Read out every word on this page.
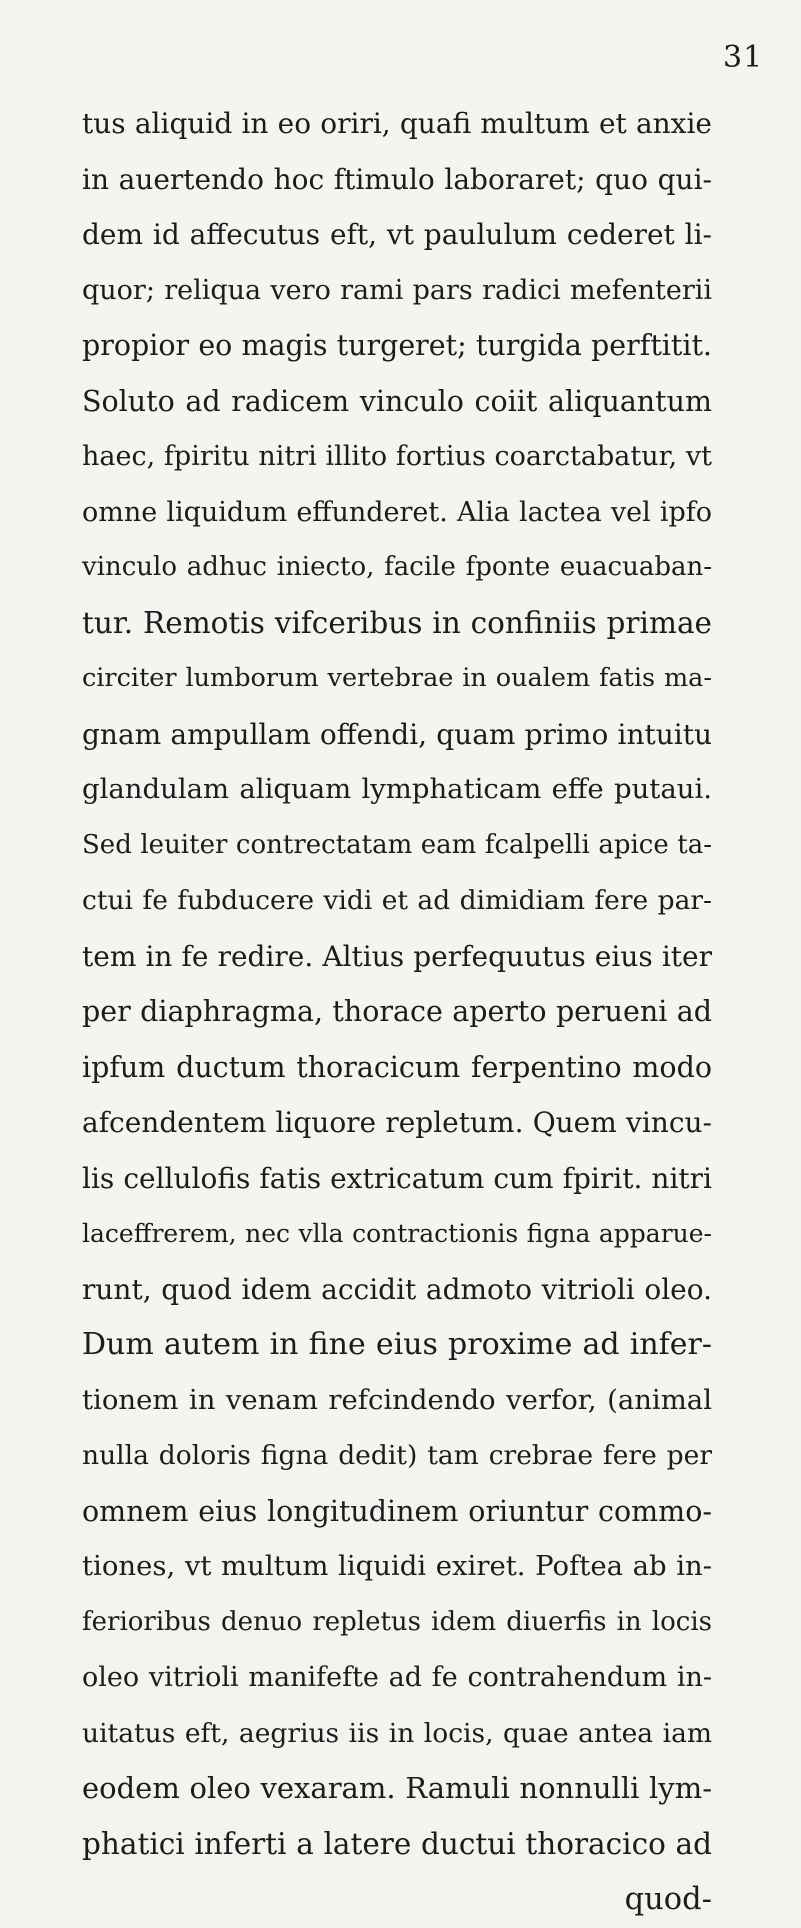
31
tus aliquid in eo oriri, quafi multum et anxie
in auertendo hoc ftimulo laboraret; quo qui-
dem id affecutus eft, vt paululum cederet li-
quor; reliqua vero rami pars radici mefenterii
propior eo magis turgeret; turgida perftitit.
Soluto ad radicem vinculo coiit aliquantum
haec, fpiritu nitri illito fortius coarctabatur, vt
omne liquidum effunderet. Alia lactea vel ipfo
vinculo adhuc iniecto, facile fponte euacuaban-
tur. Remotis vifceribus in confiniis primae
circiter lumborum vertebrae in oualem fatis ma-
gnam ampullam offendi, quam primo intuitu
glandulam aliquam lymphaticam effe putaui.
Sed leuiter contrectatam eam fcalpelli apice ta-
ctui fe fubducere vidi et ad dimidiam fere par-
tem in fe redire. Altius perfequutus eius iter
per diaphragma, thorace aperto perueni ad
ipfum ductum thoracicum ferpentino modo
afcendentem liquore repletum. Quem vincu-
lis cellulofis fatis extricatum cum fpirit. nitri
laceffrerem, nec vlla contractionis figna apparue-
runt, quod idem accidit admoto vitrioli oleo.
Dum autem in fine eius proxime ad infer-
tionem in venam refcindendo verfor, (animal
nulla doloris figna dedit) tam crebrae fere per
omnem eius longitudinem oriuntur commo-
tiones, vt multum liquidi exiret. Poftea ab in-
ferioribus denuo repletus idem diuerfis in locis
oleo vitrioli manifefte ad fe contrahendum in-
uitatus eft, aegrius iis in locis, quae antea iam
eodem oleo vexaram. Ramuli nonnulli lym-
phatici inferti a latere ductui thoracico ad
quod-
